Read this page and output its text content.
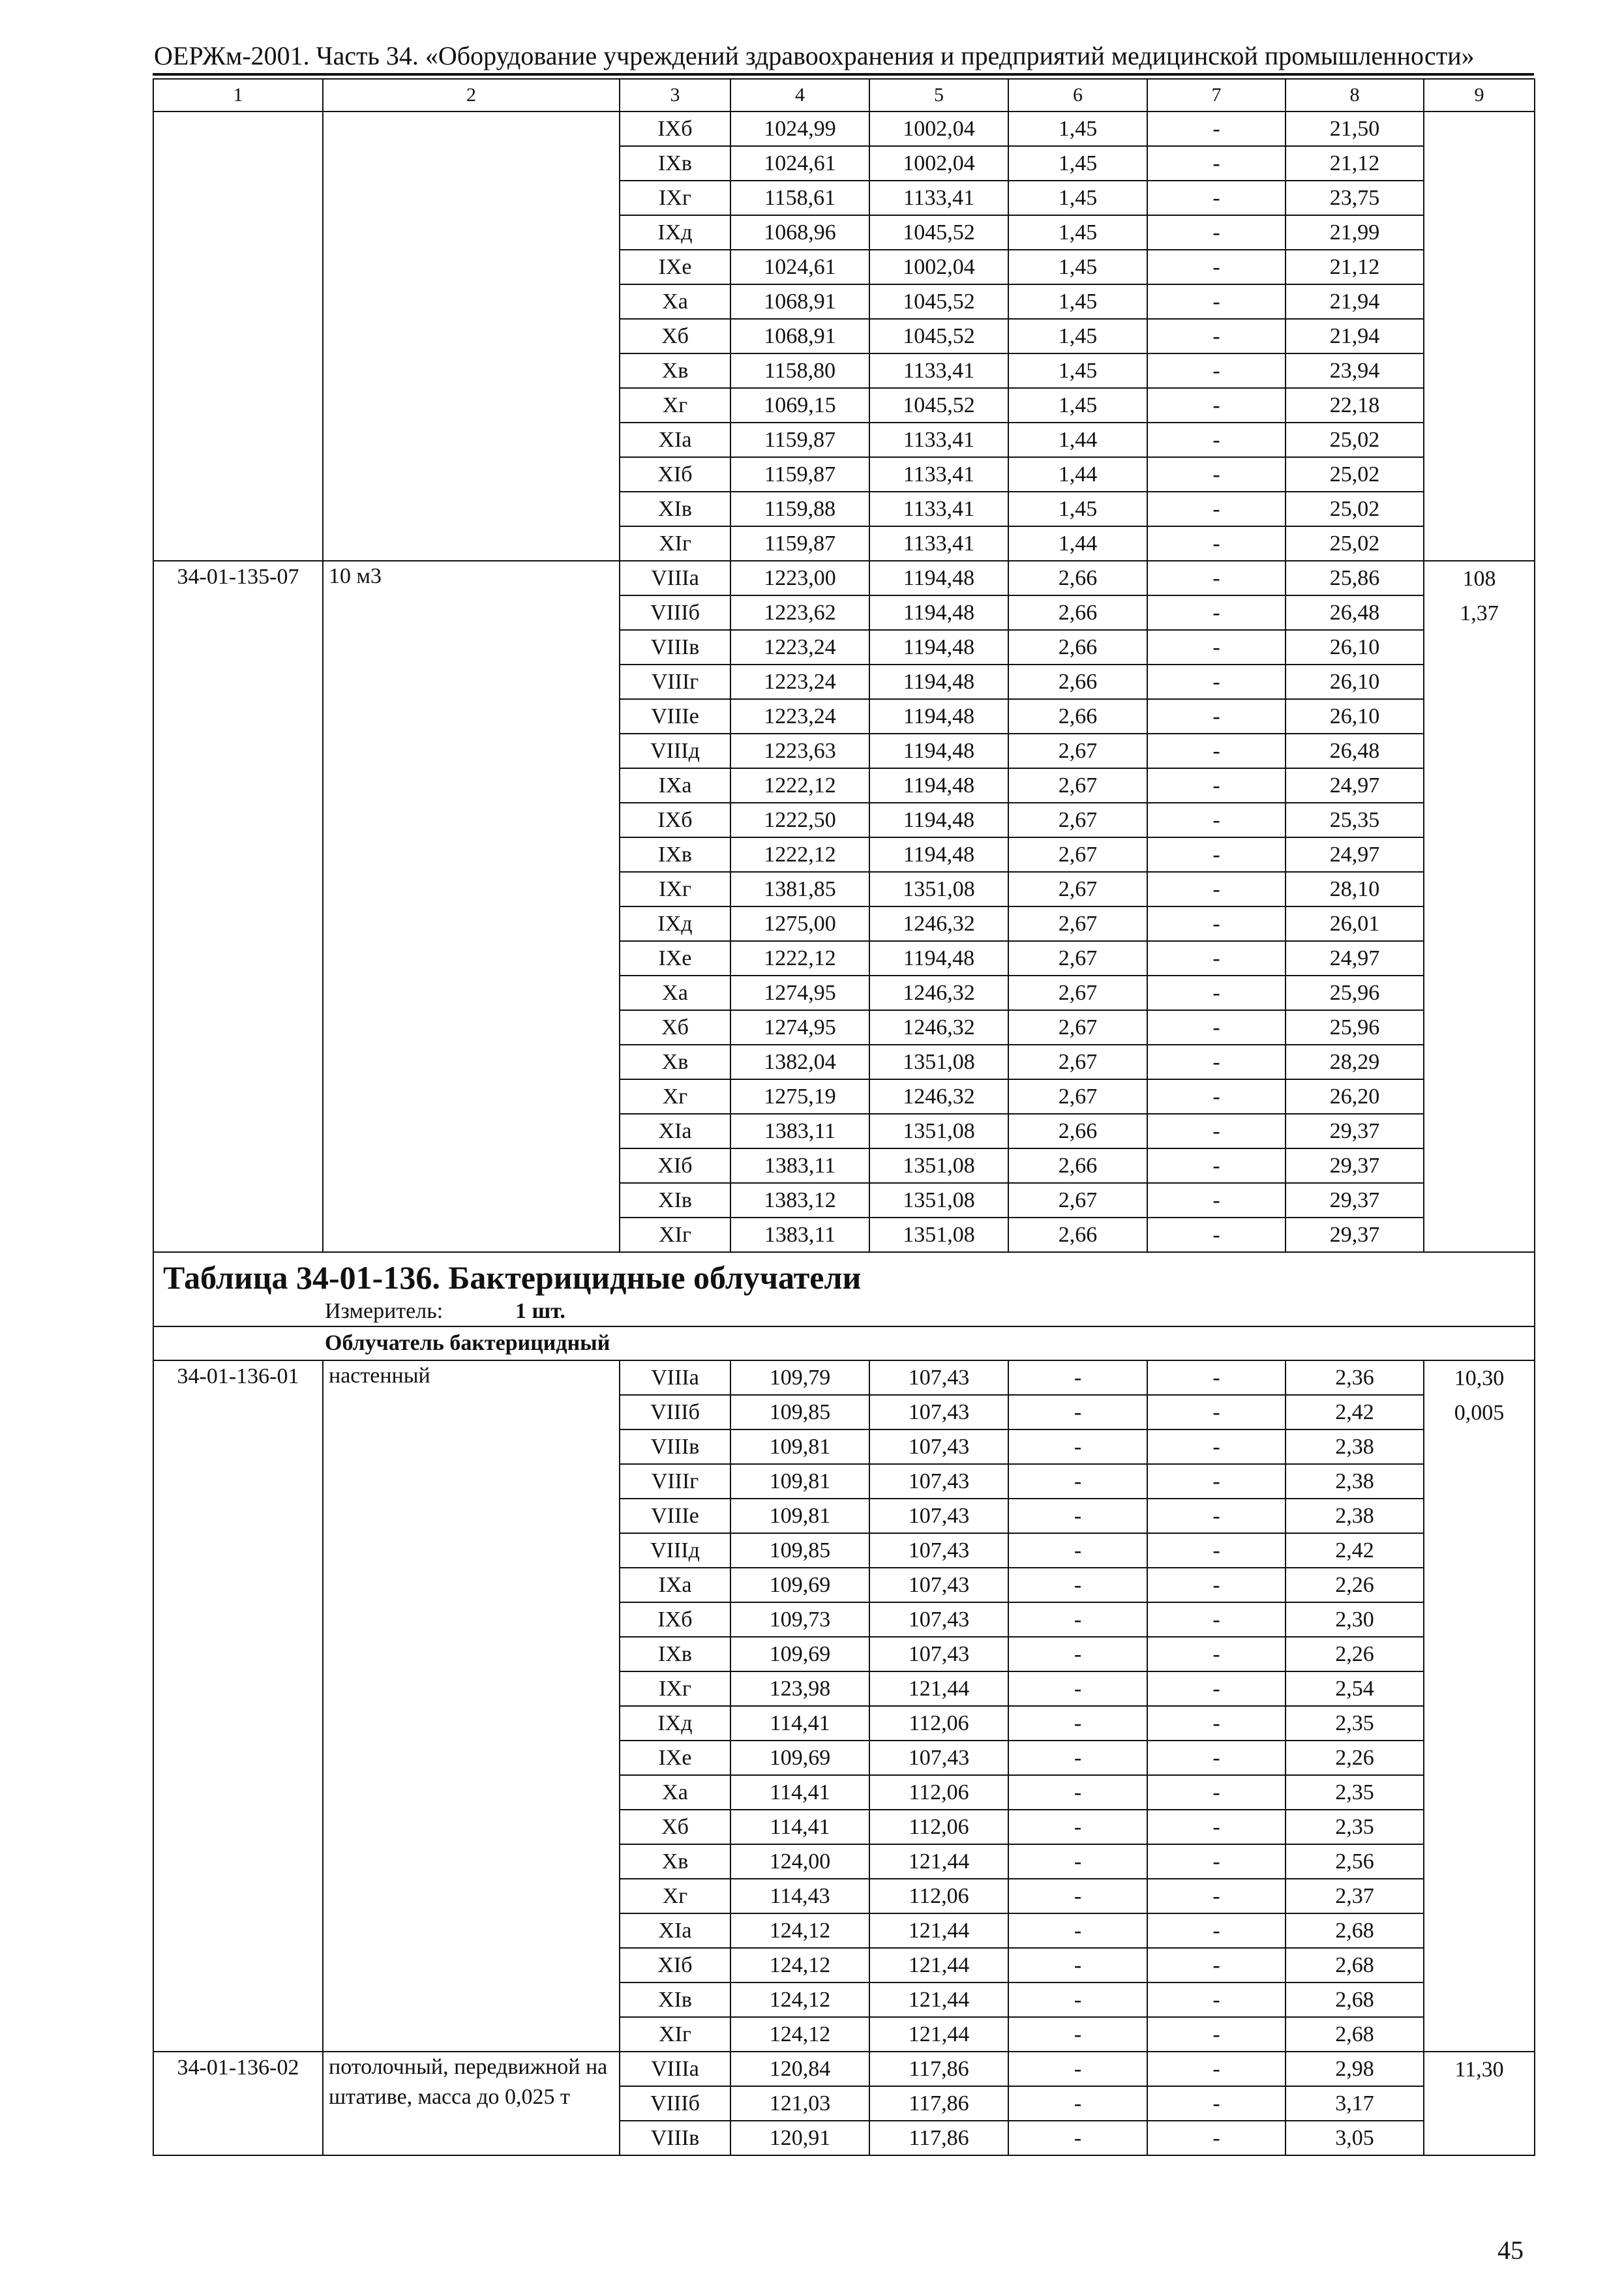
ОЕРЖм-2001. Часть 34. «Оборудование учреждений здравоохранения и предприятий медицинской промышленности»
1	2	3	4	5	6	7	8	9
		IXб	1024,99	1002,04	1,45	-	21,50	
		IXв	1024,61	1002,04	1,45	-	21,12	
		IXг	1158,61	1133,41	1,45	-	23,75	
		IXд	1068,96	1045,52	1,45	-	21,99	
		IXе	1024,61	1002,04	1,45	-	21,12	
		Xа	1068,91	1045,52	1,45	-	21,94	
		Xб	1068,91	1045,52	1,45	-	21,94	
		Xв	1158,80	1133,41	1,45	-	23,94	
		Xг	1069,15	1045,52	1,45	-	22,18	
		XIа	1159,87	1133,41	1,44	-	25,02	
		XIб	1159,87	1133,41	1,44	-	25,02	
		XIв	1159,88	1133,41	1,45	-	25,02	
		XIг	1159,87	1133,41	1,44	-	25,02	
34-01-135-07	10 м3	VIIIа	1223,00	1194,48	2,66	-	25,86	108
1,37

		VIIIб	1223,62	1194,48	2,66	-	26,48	
		VIIIв	1223,24	1194,48	2,66	-	26,10	
		VIIIг	1223,24	1194,48	2,66	-	26,10	
		VIIIе	1223,24	1194,48	2,66	-	26,10	
		VIIIд	1223,63	1194,48	2,67	-	26,48	
		IXа	1222,12	1194,48	2,67	-	24,97	
		IXб	1222,50	1194,48	2,67	-	25,35	
		IXв	1222,12	1194,48	2,67	-	24,97	
		IXг	1381,85	1351,08	2,67	-	28,10	
		IXд	1275,00	1246,32	2,67	-	26,01	
		IXе	1222,12	1194,48	2,67	-	24,97	
		Xа	1274,95	1246,32	2,67	-	25,96	
		Xб	1274,95	1246,32	2,67	-	25,96	
		Xв	1382,04	1351,08	2,67	-	28,29	
		Xг	1275,19	1246,32	2,67	-	26,20	
		XIа	1383,11	1351,08	2,66	-	29,37	
		XIб	1383,11	1351,08	2,66	-	29,37	
		XIв	1383,12	1351,08	2,67	-	29,37	
		XIг	1383,11	1351,08	2,66	-	29,37	

Таблица 34-01-136. Бактерицидные облучатели
Измеритель: 1 шт.								

Облучатель бактерицидный								
34-01-136-01	настенный	VIIIа	109,79	107,43	-	-	2,36	10,30
0,005

		VIIIб	109,85	107,43	-	-	2,42	
		VIIIв	109,81	107,43	-	-	2,38	
		VIIIг	109,81	107,43	-	-	2,38	
		VIIIе	109,81	107,43	-	-	2,38	
		VIIIд	109,85	107,43	-	-	2,42	
		IXа	109,69	107,43	-	-	2,26	
		IXб	109,73	107,43	-	-	2,30	
		IXв	109,69	107,43	-	-	2,26	
		IXг	123,98	121,44	-	-	2,54	
		IXд	114,41	112,06	-	-	2,35	
		IXе	109,69	107,43	-	-	2,26	
		Xа	114,41	112,06	-	-	2,35	
		Xб	114,41	112,06	-	-	2,35	
		Xв	124,00	121,44	-	-	2,56	
		Xг	114,43	112,06	-	-	2,37	
		XIа	124,12	121,44	-	-	2,68	
		XIб	124,12	121,44	-	-	2,68	
		XIв	124,12	121,44	-	-	2,68	
		XIг	124,12	121,44	-	-	2,68	
34-01-136-02	потолочный, передвижной на штативе, масса до 0,025 т	VIIIа	120,84	117,86	-	-	2,98	11,30

		VIIIб	121,03	117,86	-	-	3,17	
		VIIIв	120,91	117,86	-	-	3,05	
45
